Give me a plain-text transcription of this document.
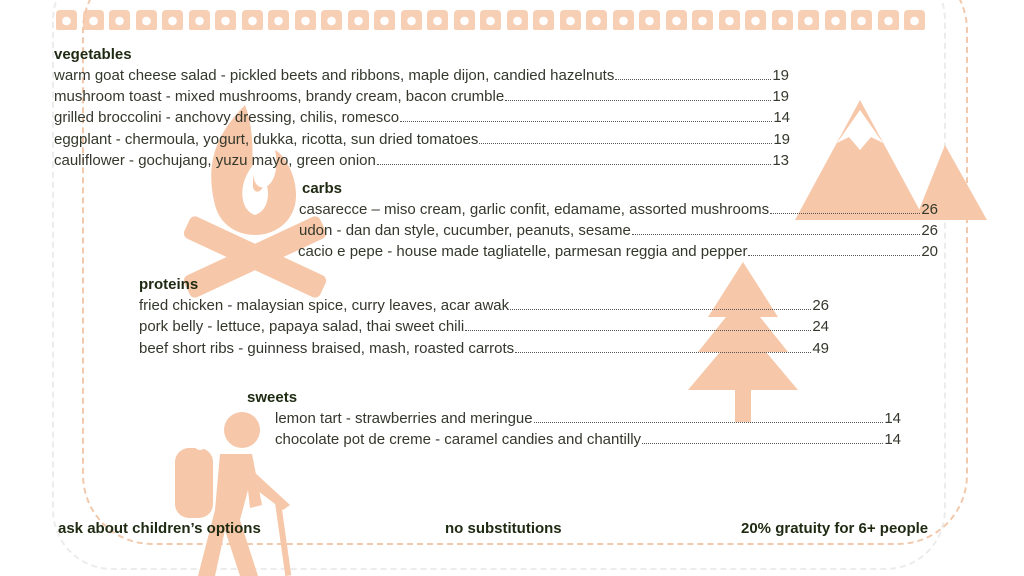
vegetables
warm goat cheese salad - pickled beets and ribbons, maple dijon, candied hazelnuts	19
mushroom toast - mixed mushrooms, brandy cream, bacon crumble	19
grilled broccolini - anchovy dressing, chilis, romesco	14
eggplant - chermoula, yogurt, dukka, ricotta, sun dried tomatoes	19
cauliflower - gochujang, yuzu mayo, green onion	13
carbs
casarecce – miso cream, garlic confit, edamame, assorted mushrooms	26
udon - dan dan style, cucumber, peanuts, sesame	26
cacio e pepe - house made tagliatelle, parmesan reggia and pepper	20
proteins
fried chicken - malaysian spice, curry leaves, acar awak	26
pork belly - lettuce, papaya salad, thai sweet chili	24
beef short ribs - guinness braised, mash, roasted carrots	49
sweets
lemon tart - strawberries and meringue	14
chocolate pot de creme - caramel candies and chantilly	14
ask about children’s options	no substitutions	20% gratuity for 6+ people
